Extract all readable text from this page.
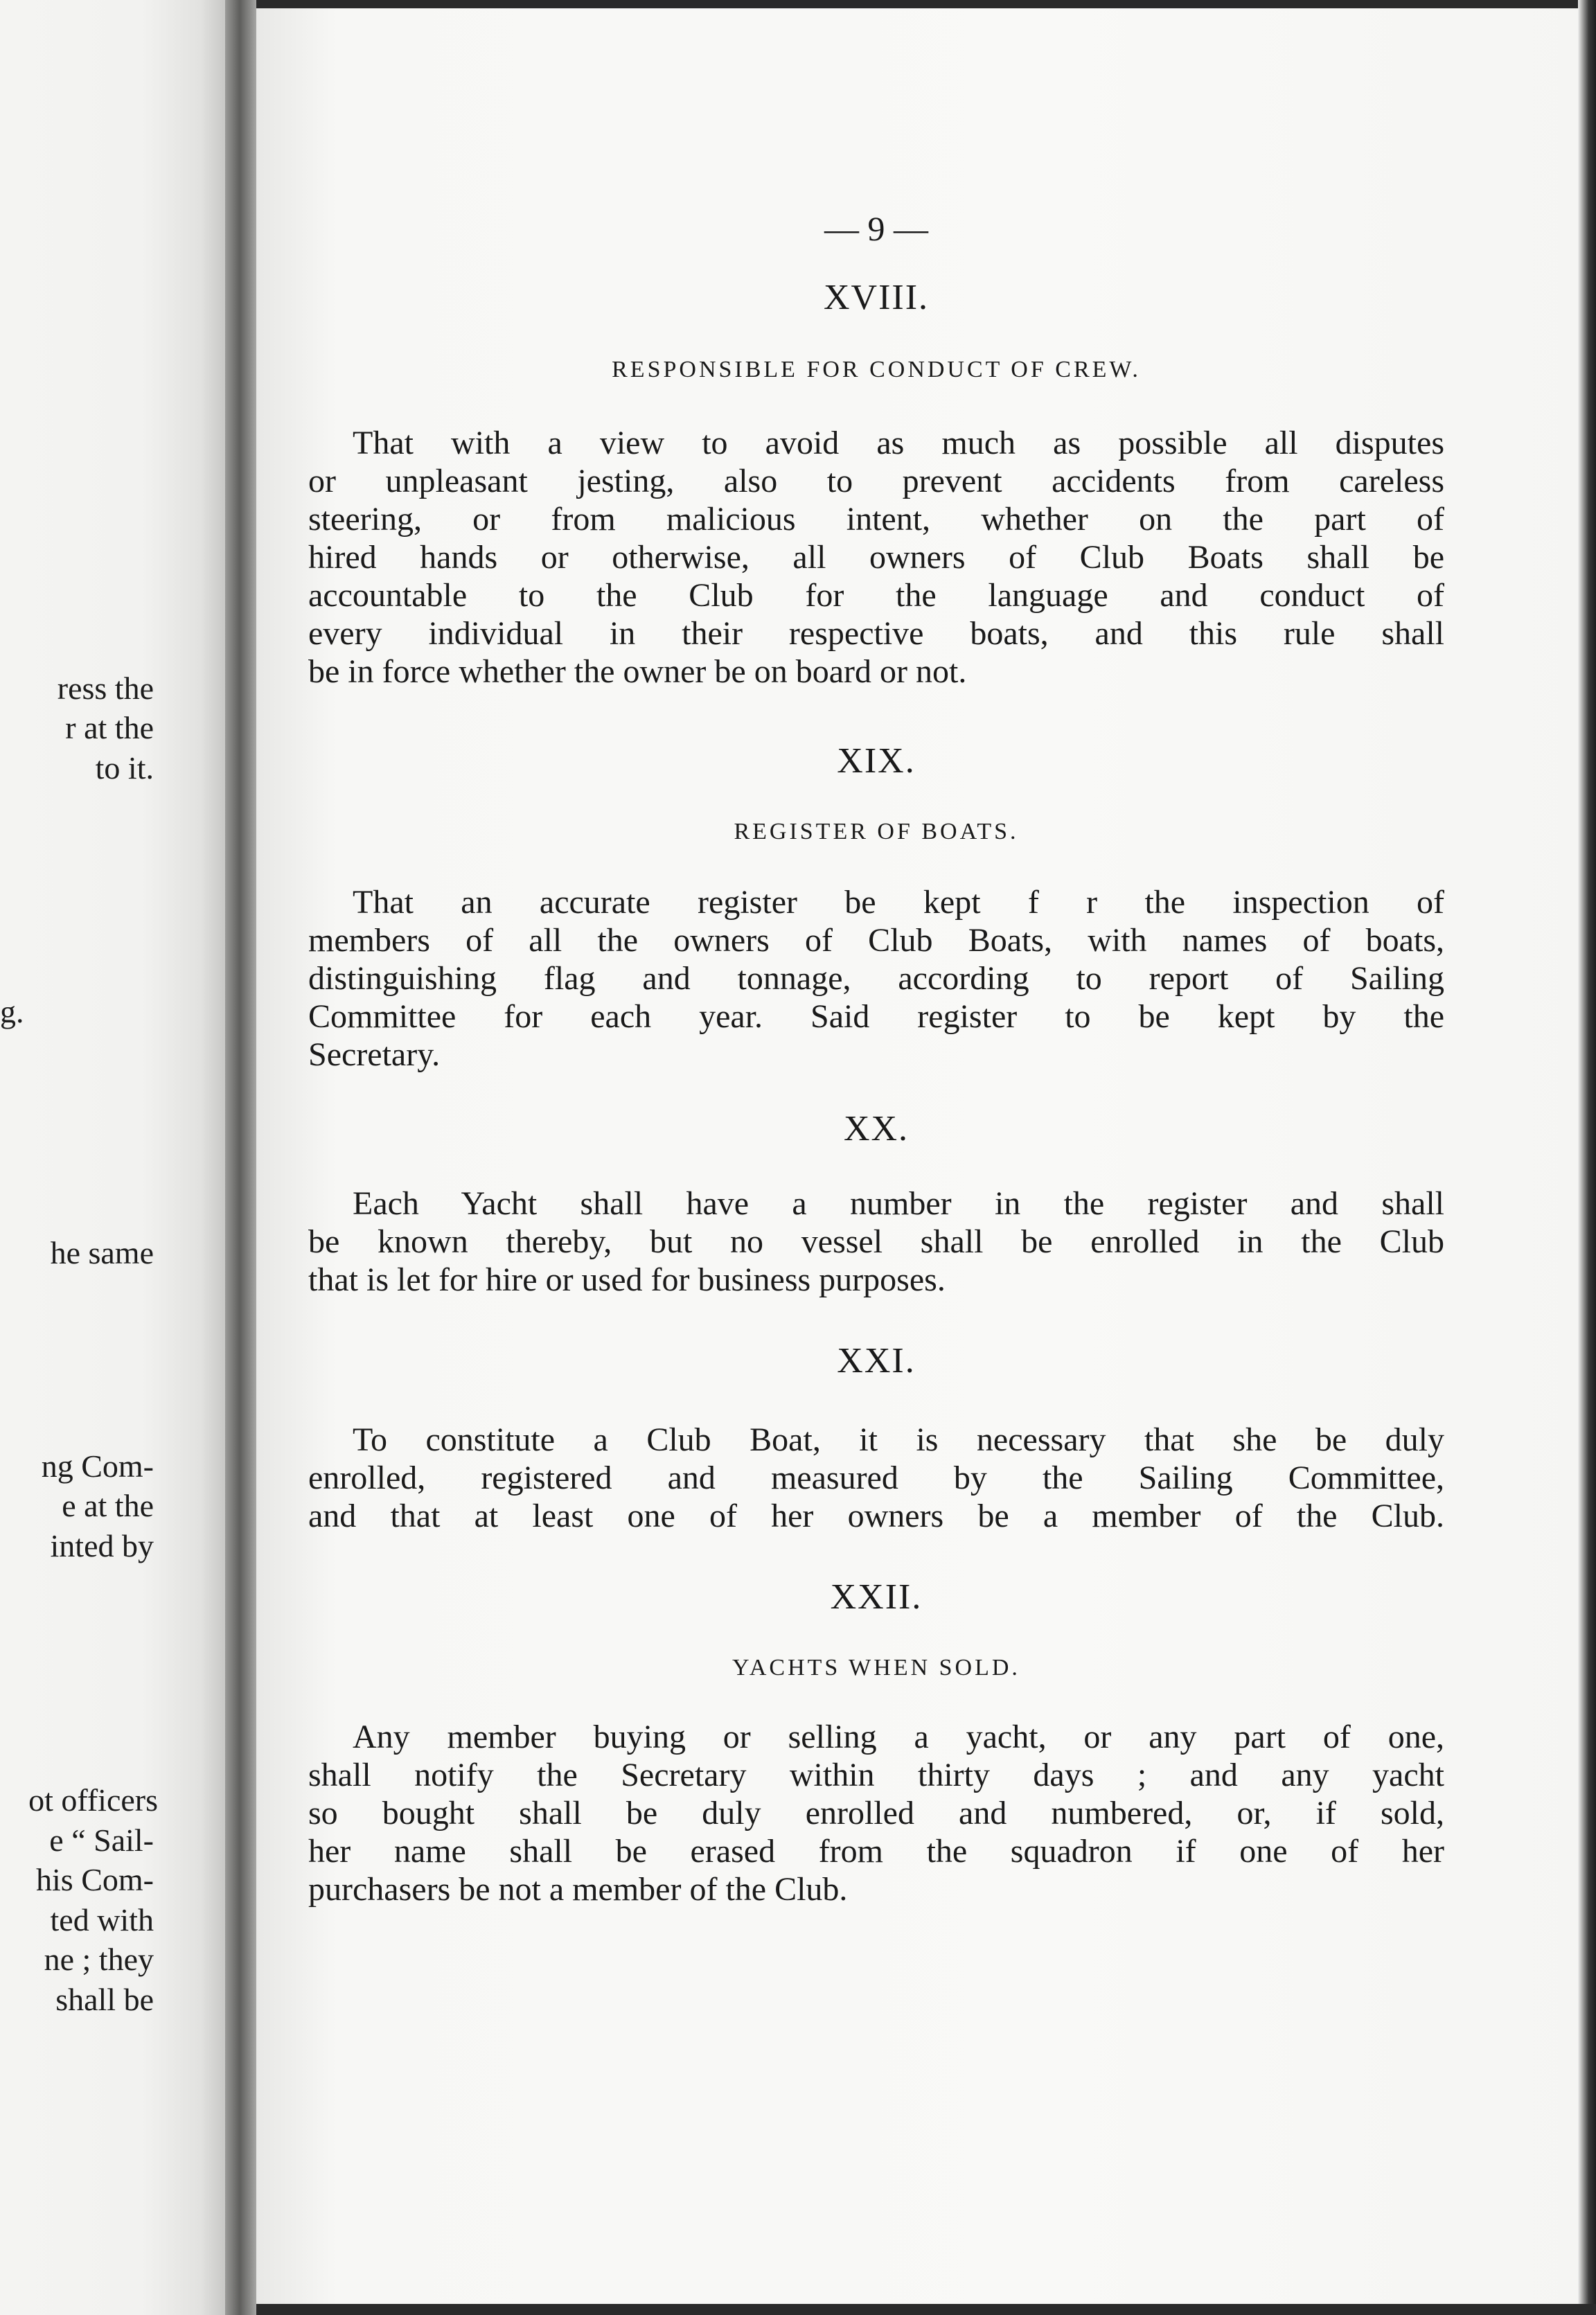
ress the
r at the
to it.
g.
he same
ng Com-
e at the
inted by
ot officers
e “ Sail-
his Com-
ted with
ne ; they
shall be
— 9 —
XVIII.
RESPONSIBLE FOR CONDUCT OF CREW.
That with a view to avoid as much as possible all disputes
or unpleasant jesting, also to prevent accidents from careless
steering, or from malicious intent, whether on the part of
hired hands or otherwise, all owners of Club Boats shall be
accountable to the Club for the language and conduct of
every individual in their respective boats, and this rule shall
be in force whether the owner be on board or not.
XIX.
REGISTER OF BOATS.
That an accurate register be kept f r the inspection of
members of all the owners of Club Boats, with names of boats,
distinguishing flag and tonnage, according to report of Sailing
Committee for each year. Said register to be kept by the
Secretary.
XX.
Each Yacht shall have a number in the register and shall
be known thereby, but no vessel shall be enrolled in the Club
that is let for hire or used for business purposes.
XXI.
To constitute a Club Boat, it is necessary that she be duly
enrolled, registered and measured by the Sailing Committee,
and that at least one of her owners be a member of the Club.
XXII.
YACHTS WHEN SOLD.
Any member buying or selling a yacht, or any part of one,
shall notify the Secretary within thirty days ; and any yacht
so bought shall be duly enrolled and numbered, or, if sold,
her name shall be erased from the squadron if one of her
purchasers be not a member of the Club.
